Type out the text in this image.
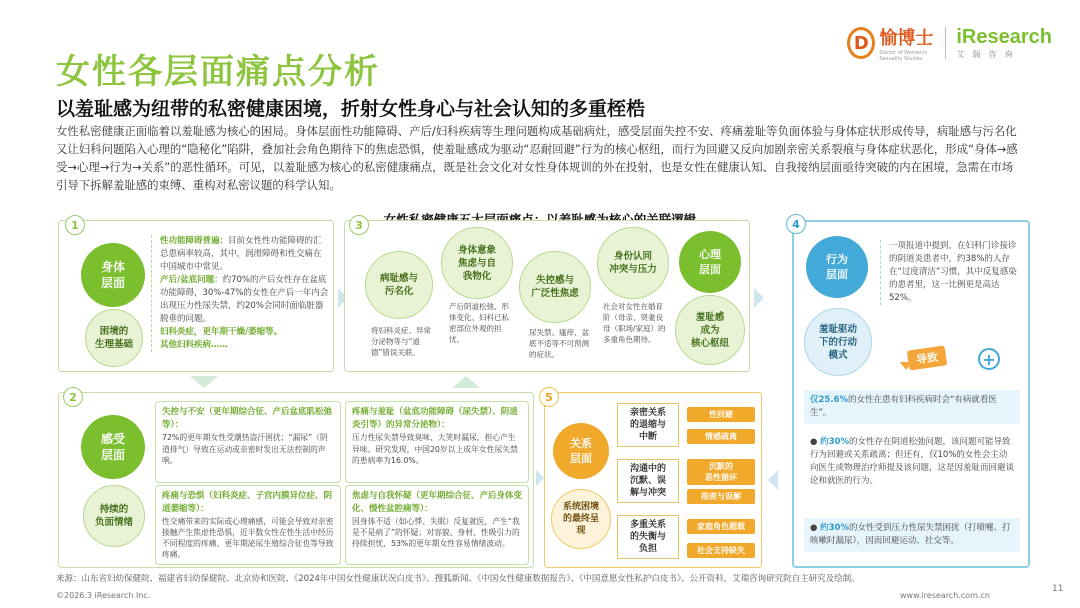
女性各层面痛点分析
D 愉博士
Doctor of Women's Sexuality Studies
iResearch
艾瑞咨询
以羞耻感为纽带的私密健康困境，折射女性身心与社会认知的多重桎梏
女性私密健康正面临着以羞耻感为核心的困局。身体层面性功能障碍、产后/妇科疾病等生理问题构成基础病灶，感受层面失控不安、疼痛羞耻等负面体验与身体症状形成传导，病耻感与污名化又让妇科问题陷入心理的“隐秘化”陷阱，叠加社会角色期待下的焦虑恐惧，使羞耻感成为驱动“忍耐回避”行为的核心枢纽，而行为回避又反向加剧亲密关系裂痕与身体症状恶化，形成“身体→感受→心理→行为→关系”的恶性循环。可见，以羞耻感为核心的私密健康痛点，既是社会文化对女性身体规训的外在投射，也是女性在健康认知、自我接纳层面亟待突破的内在困境，急需在市场引导下拆解羞耻感的束缚、重构对私密议题的科学认知。
1
身体
层面
困境的
生理基础
性功能障碍普遍：目前女性性功能障碍的汇总患病率较高，其中，润滑障碍和性交痛在中国城市中常见。
产后/盆底问题：约70%的产后女性存在盆底功能障碍，30%-47%的女性在产后一年内会出现压力性尿失禁，约20%会同时面临脏器脱垂的问题。
妇科炎症，更年期干燥/萎缩等。
其他妇科疾病……
3
病耻感与
污名化
将妇科炎症、异常分泌物等与“道德”错误关联。
身体意象
焦虑与自
我物化
产后阴道松弛、形体变化、妇科已私密部位外观的担忧。
失控感与
广泛性焦虑
尿失禁、瘙痒、盆底不适等不可预测的症状。
身份认同
冲突与压力
社会对女性在婚育阶（母亲、贤妻良母（职场/家庭）的多重角色期待。
心理
层面
羞耻感
成为
核心枢纽
4
行为
层面
羞耻驱动
下的行动
模式
一项报道中提到，在妇科门诊接诊的阴道炎患者中，约38%的人存在“过度清洁”习惯，其中反复感染的患者里，这一比例更是高达52%。
导致	+
仅25.6%的女性在患有妇科疾病时会“有病就看医生”。
● 约30%的女性存在阴道松弛问题，该问题可能导致行为回避或关系疏离；但还有，仅10%的女性会主动向医生或物理治疗师提及该问题，这是因羞耻而回避谈论和就医的行为。
● 约30%的女性受到压力性尿失禁困扰（打喷嚏、打咳嗽时漏尿），因而回避运动、社交等。
2
感受
层面
持续的
负面情绪
失控与不安（更年期综合征、产后盆底肌松弛等）：
72%的更年期女性受潮热盗汗困扰；“漏尿”（阴道排气）导致在运动或亲密时发出无法控制的声响。
疼痛与羞耻（盆底功能障碍（尿失禁）、阴道炎引等）的异常分泌物）：
压力性尿失禁导致臭味、大笑时漏尿，担心产生异味。研究发现，中国20岁以上成年女性尿失禁的患病率为16.0%。
疼痛与恐惧（妇科炎症、子宫内膜异位症、阴道萎缩等）：
性交痛带来的实际或心理痛感，可能会导致对亲密接触产生焦虑性恐惧，近半数女性在性生活中经历不同程度的疼痛，更年期泌尿生殖综合征也等导致疼痛。
焦虑与自我怀疑（更年期综合征、产后身体变化、慢性盆腔痛等）：
因身体不适（如心悸、失眠）反复就医，产生“我是不是病了”的怀疑；对容貌、身材、性吸引力的持续担忧，53%的更年期女性容易情绪波动。
5
关系
层面
系统困境
的最终呈
现
亲密关系
的退缩与
中断
性回避
情感疏离
沟通中的
沉默、误
解与冲突
沉默的
恶性循环
指责与误解
多重关系
的失衡与
负担
家庭角色超载
社会支持缺失
来源：山东省妇幼保健院、福建省妇幼保健院、北京协和医院、《2024年中国女性健康状况白皮书》、搜狐新闻、《中国女性健康数据报告》、《中国意愿女性私护白皮书》、公开资料，艾瑞咨询研究院自主研究及绘制。
©2026.3 iResearch Inc.	www.iresearch.com.cn
11
